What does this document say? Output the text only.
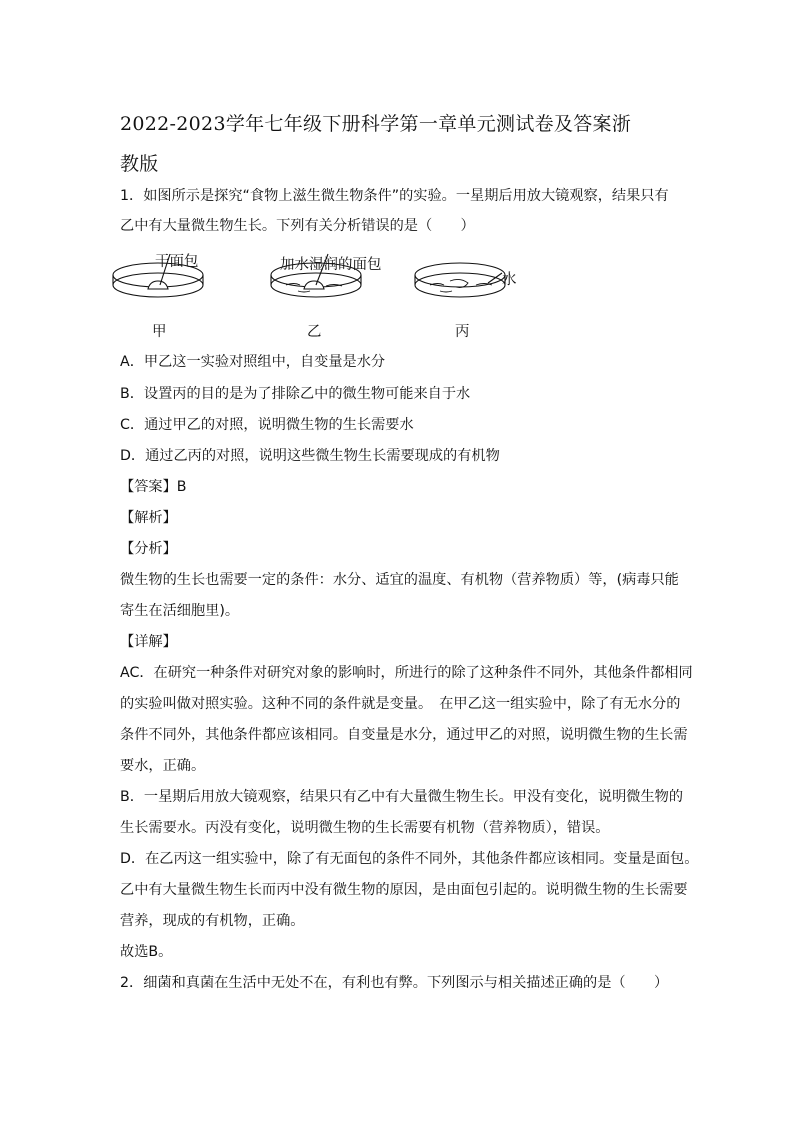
2022-2023学年七年级下册科学第一章单元测试卷及答案浙
教版
1．如图所示是探究“食物上滋生微生物条件”的实验。一星期后用放大镜观察，结果只有
乙中有大量微生物生长。下列有关分析错误的是（　　）
干面包	加水湿润的面包
水
甲	乙	丙
A．甲乙这一实验对照组中，自变量是水分
B．设置丙的目的是为了排除乙中的微生物可能来自于水
C．通过甲乙的对照，说明微生物的生长需要水
D．通过乙丙的对照，说明这些微生物生长需要现成的有机物
【答案】B
【解析】
【分析】
微生物的生长也需要一定的条件：水分、适宜的温度、有机物（营养物质）等，(病毒只能
寄生在活细胞里)。
【详解】
AC．在研究一种条件对研究对象的影响时，所进行的除了这种条件不同外，其他条件都相同
的实验叫做对照实验。这种不同的条件就是变量。　在甲乙这一组实验中，除了有无水分的
条件不同外，其他条件都应该相同。自变量是水分，通过甲乙的对照，说明微生物的生长需
要水，正确。
B．一星期后用放大镜观察，结果只有乙中有大量微生物生长。甲没有变化，说明微生物的
生长需要水。丙没有变化，说明微生物的生长需要有机物（营养物质），错误。
D．在乙丙这一组实验中，除了有无面包的条件不同外，其他条件都应该相同。变量是面包。
乙中有大量微生物生长而丙中没有微生物的原因，是由面包引起的。说明微生物的生长需要
营养，现成的有机物，正确。
故选B。
2．细菌和真菌在生活中无处不在，有利也有弊。下列图示与相关描述正确的是（　　）
